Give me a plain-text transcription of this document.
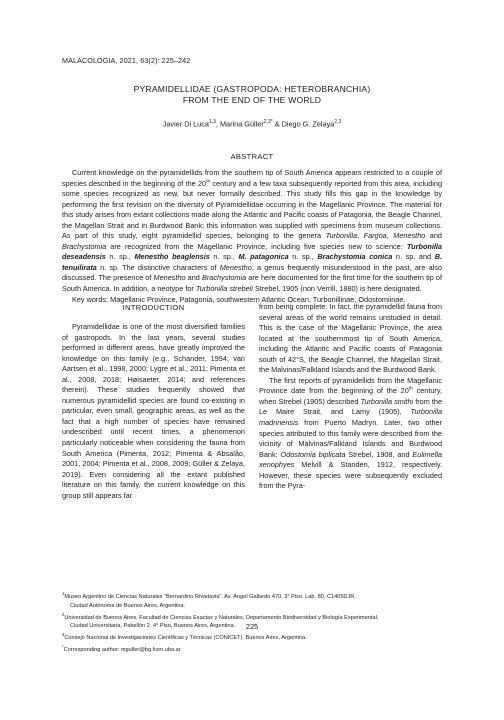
MALACOLOGIA, 2021, 63(2): 225–242
PYRAMIDELLIDAE (GASTROPODA: HETEROBRANCHIA)
FROM THE END OF THE WORLD
Javier Di Luca$^{1,3}$, Marina Güller$^{2,3*}$ & Diego G. Zelaya$^{2,3}$
ABSTRACT

Current knowledge on the pyramidellids from the southern tip of South America appears restricted to a couple of species described in the beginning of the 20th century and a few taxa subsequently reported from this area, including some species recognized as new, but never formally described. This study fills this gap in the knowledge by performing the first revision on the diversity of Pyramidellidae occurring in the Magellanic Province. The material for this study arises from extant collections made along the Atlantic and Pacific coasts of Patagonia, the Beagle Channel, the Magellan Strait and in Burdwood Bank; this information was supplied with specimens from museum collections. As part of this study, eight pyramidellid species, belonging to the genera Turbonilla, Fargoa, Menestho and Brachystomia are recognized from the Magellanic Province, including five species new to science: Turbonilla deseadensis n. sp., Menestho beaglensis n. sp., M. patagonica n. sp., Brachystomia conica n. sp. and B. tenuilirata n. sp. The distinctive characters of Menestho, a genus frequently misunderstood in the past, are also discussed. The presence of Menestho and Brachystomia are here documented for the first time for the southern tip of South America. In addition, a neotype for Turbonilla strebeli Strebel, 1905 (non Verrill, 1880) is here designated.

Key words: Magellanic Province, Patagonia, southwestern Atlantic Ocean, Turbonillinae, Odostomiinae.

INTRODUCTION

Pyramidellidae is one of the most diversified families of gastropods. In the last years, several studies performed in different areas, have greatly improved the knowledge on this family (e.g., Schander, 1994; van Aartsen et al., 1998, 2000; Lygre et al., 2011; Pimenta et al., 2008, 2018; Høisaeter, 2014; and references therein). These studies frequently showed that numerous pyramidellid species are found co-existing in particular, even small, geographic areas, as well as the fact that a high number of species have remained undescribed until recent times, a phenomenon particularly noticeable when considering the fauna from South America (Pimenta, 2012; Pimenta & Absalão, 2001, 2004; Pimenta et al., 2008, 2009; Güller & Zelaya, 2019). Even considering all the extant published literature on this family, the current knowledge on this group still appears far

from being complete. In fact, the pyramidellid fauna from several areas of the world remains unstudied in detail. This is the case of the Magellanic Province, the area located at the southernmost tip of South America, including the Atlantic and Pacific coasts of Patagonia south of 42°S, the Beagle Channel, the Magellan Strait, the Malvinas/Falkland Islands and the Burdwood Bank.

The first reports of pyramidellids from the Magellanic Province date from the beginning of the 20th century, when Strebel (1905) described Turbonilla smithi from the Le Maire Strait, and Lamy (1905), Turbonilla madrinensis from Puerto Madryn. Later, two other species attributed to this family were described from the vicinity of Malvinas/Falkland Islands and Burdwood Bank: Odostomia biplicata Strebel, 1908, and Eulimella xenophyes Melvill & Standen, 1912, respectively. However, these species were subsequently excluded from the Pyra-

$^1$Museo Argentino de Ciencias Naturales “Bernardino Rivadavia”. Av. Ángel Gallardo 470, 3° Piso. Lab. 80, C1405DJR,

Ciudad Autónoma de Buenos Aires, Argentina.

$^2$Universidad de Buenos Aires, Facultad de Ciencias Exactas y Naturales, Departamento Biodiversidad y Biología Experimental.

Ciudad Universitaria, Pabellón 2, 4° Piso, Buenos Aires, Argentina.

$^3$Consejo Nacional de Investigaciones Científicas y Técnicas (CONICET). Buenos Aires, Argentina.

*Corresponding author: mguller@bg.fcen.uba.ar

225
